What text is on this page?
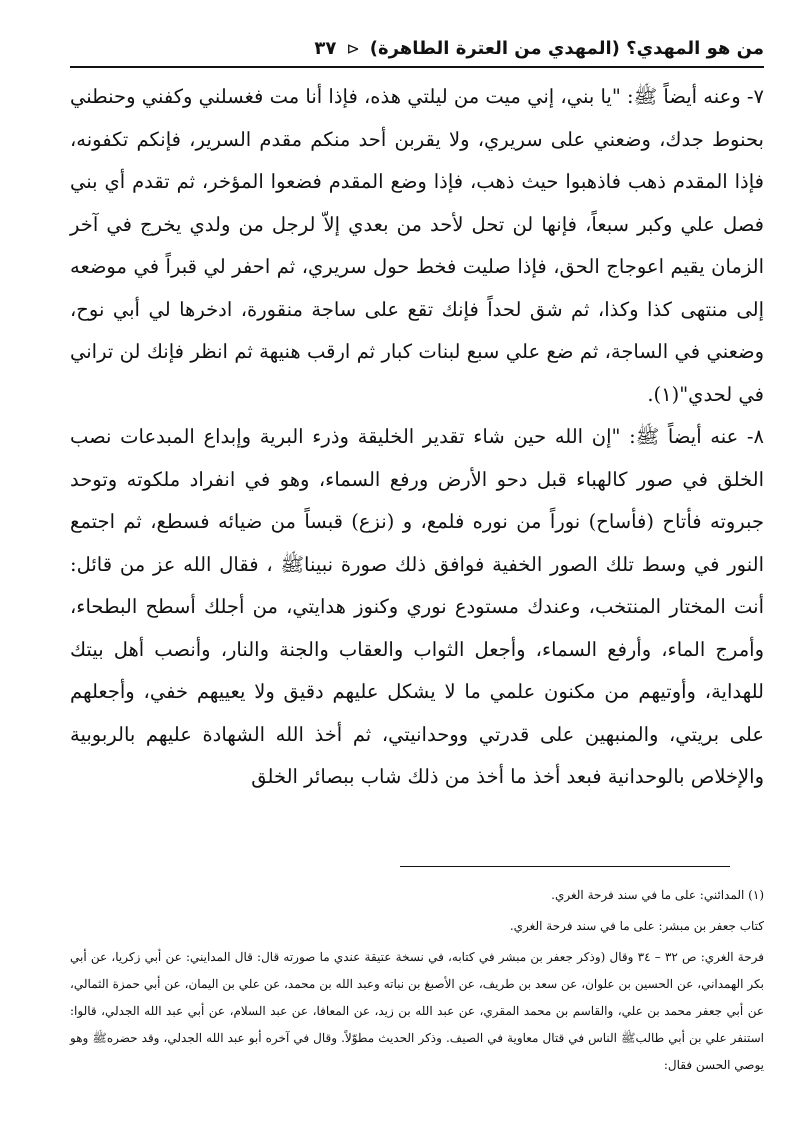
من هو المهدي؟ (المهدي من العترة الطاهرة)
⊲
٣٧

٧- وعنه أيضاً ﷺ: "يا بني، إني ميت من ليلتي هذه، فإذا أنا مت فغسلني وكفني وحنطني بحنوط جدك، وضعني على سريري، ولا يقربن أحد منكم مقدم السرير، فإنكم تكفونه، فإذا المقدم ذهب فاذهبوا حيث ذهب، فإذا وضع المقدم فضعوا المؤخر، ثم تقدم أي بني فصل علي وكبر سبعاً، فإنها لن تحل لأحد من بعدي إلاّ لرجل من ولدي يخرج في آخر الزمان يقيم اعوجاج الحق، فإذا صليت فخط حول سريري، ثم احفر لي قبراً في موضعه إلى منتهى كذا وكذا، ثم شق لحداً فإنك تقع على ساجة منقورة، ادخرها لي أبي نوح، وضعني في الساجة، ثم ضع علي سبع لبنات كبار ثم ارقب هنيهة ثم انظر فإنك لن تراني في لحدي"(١).

٨- عنه أيضاً ﷺ: "إن الله حين شاء تقدير الخليقة وذرء البرية وإبداع المبدعات نصب الخلق في صور كالهباء قبل دحو الأرض ورفع السماء، وهو في انفراد ملكوته وتوحد جبروته فأتاح (فأساح) نوراً من نوره فلمع، و (نزع) قبساً من ضيائه فسطع، ثم اجتمع النور في وسط تلك الصور الخفية فوافق ذلك صورة نبيناﷺ ، فقال الله عز من قائل: أنت المختار المنتخب، وعندك مستودع نوري وكنوز هدايتي، من أجلك أسطح البطحاء، وأمرج الماء، وأرفع السماء، وأجعل الثواب والعقاب والجنة والنار، وأنصب أهل بيتك للهداية، وأوتيهم من مكنون علمي ما لا يشكل عليهم دقيق ولا يعييهم خفي، وأجعلهم على بريتي، والمنبهين على قدرتي ووحدانيتي، ثم أخذ الله الشهادة عليهم بالربوبية والإخلاص بالوحدانية فبعد أخذ ما أخذ من ذلك شاب ببصائر الخلق

(١) المدائني: على ما في سند فرحة الغري.

كتاب جعفر بن مبشر: على ما في سند فرحة الغري.

فرحة الغري: ص ٣٢ – ٣٤ وقال (وذكر جعفر بن مبشر في كتابه، في نسخة عتيقة عندي ما صورته قال: قال المدايني: عن أبي زكريا، عن أبي بكر الهمداني، عن الحسين بن علوان، عن سعد بن طريف، عن الأصبغ بن نباته وعبد الله بن محمد، عن علي بن اليمان، عن أبي حمزة الثمالي، عن أبي جعفر محمد بن علي، والقاسم بن محمد المقري، عن عبد الله بن زيد، عن المعافا، عن عبد السلام، عن أبي عبد الله الجدلي، قالوا: استنفر علي بن أبي طالبﷺ الناس في قتال معاوية في الصيف. وذكر الحديث مطوّلاً. وقال في آخره أبو عبد الله الجدلي، وقد حضرهﷺ وهو يوصي الحسن فقال:
